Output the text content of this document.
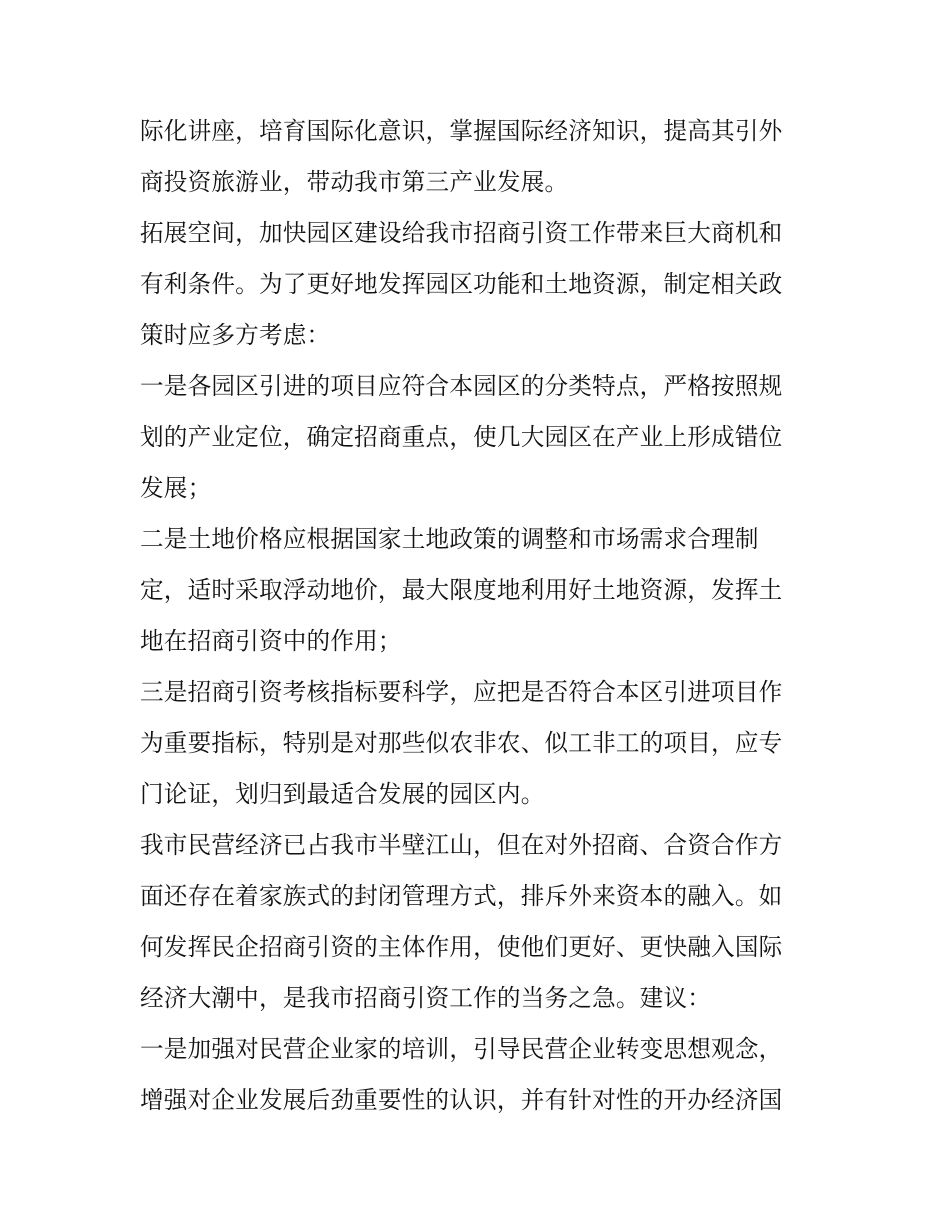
际化讲座，培育国际化意识，掌握国际经济知识，提高其引外
商投资旅游业，带动我市第三产业发展。
拓展空间，加快园区建设给我市招商引资工作带来巨大商机和
有利条件。为了更好地发挥园区功能和土地资源，制定相关政
策时应多方考虑：
一是各园区引进的项目应符合本园区的分类特点，严格按照规
划的产业定位，确定招商重点，使几大园区在产业上形成错位
发展；
二是土地价格应根据国家土地政策的调整和市场需求合理制
定，适时采取浮动地价，最大限度地利用好土地资源，发挥土
地在招商引资中的作用；
三是招商引资考核指标要科学，应把是否符合本区引进项目作
为重要指标，特别是对那些似农非农、似工非工的项目，应专
门论证，划归到最适合发展的园区内。
我市民营经济已占我市半壁江山，但在对外招商、合资合作方
面还存在着家族式的封闭管理方式，排斥外来资本的融入。如
何发挥民企招商引资的主体作用，使他们更好、更快融入国际
经济大潮中，是我市招商引资工作的当务之急。建议：
一是加强对民营企业家的培训，引导民营企业转变思想观念，
增强对企业发展后劲重要性的认识，并有针对性的开办经济国
